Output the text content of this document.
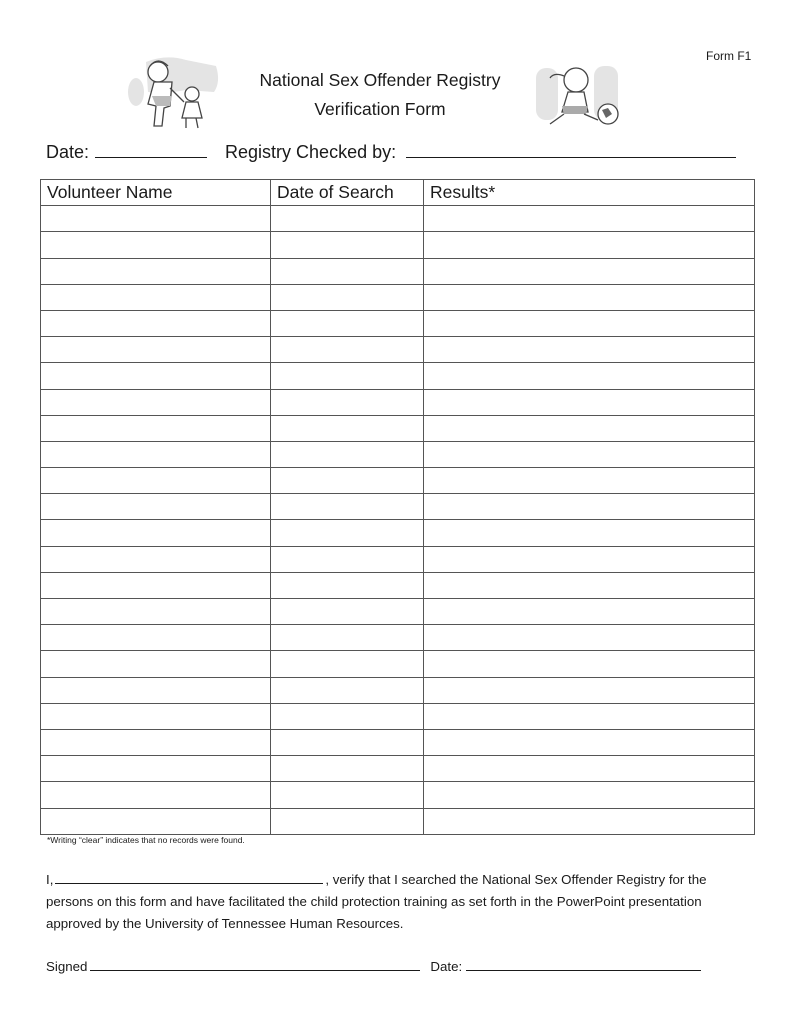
Form F1
National Sex Offender Registry
Verification Form
Date:	Registry Checked by:
Volunteer Name	Date of Search	Results*

*Writing “clear” indicates that no records were found.
I,	, verify that I searched the National Sex Offender Registry for the persons on this form and have facilitated the child protection training as set forth in the PowerPoint presentation approved by the University of Tennessee Human Resources.
Signed	Date:
